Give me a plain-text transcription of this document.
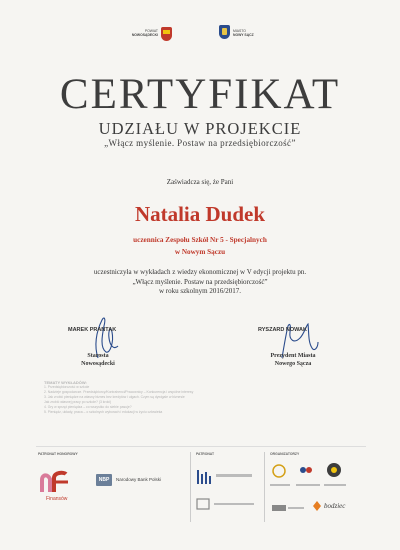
POWIAT
NOWOSĄDECKI
MIASTO
NOWY SĄCZ
CERTYFIKAT
UDZIAŁU W PROJEKCIE
„Włącz myślenie. Postaw na przedsiębiorczość”
Zaświadcza się, że Pani
Natalia Dudek
uczennica Zespołu Szkół Nr 5 - Specjalnych
w Nowym Sączu
uczestniczyła w wykładach z wiedzy ekonomicznej w V edycji projektu pn.
„Włącz myślenie. Postaw na przedsiębiorczość”
w roku szkolnym 2016/2017.
MAREK PRANTAK
Starosta
Nowosądecki
RYSZARD NOWAK
Prezydent Miasta
Nowego Sącza
TEMATY WYKŁADÓW:
1. Przedsiębiorczość w szkole
2. Nadzieje gospodarcze. Przedsiębiorcy/Kontrahenci/Pracownicy – Konkurencja i wspólne interesy
3. Jak zrobić pieniądze na własny biznes bez kredytów i ulgach. Czym są dywigale w biznesie
Jak zrobić własnej pracy po szkole? (3 kroki)
4. Gry w sprzęt pieniądza – co wszystko do siebie pasuje?
5. Pieniądz, układy, praca – o szkolnych wyborach i edukacji w życiu człowieka
PATRONAT HONOROWY	PATRONAT	ORGANIZATORZY
Finansów
NBP	Narodowy Bank Polski
bodziec
